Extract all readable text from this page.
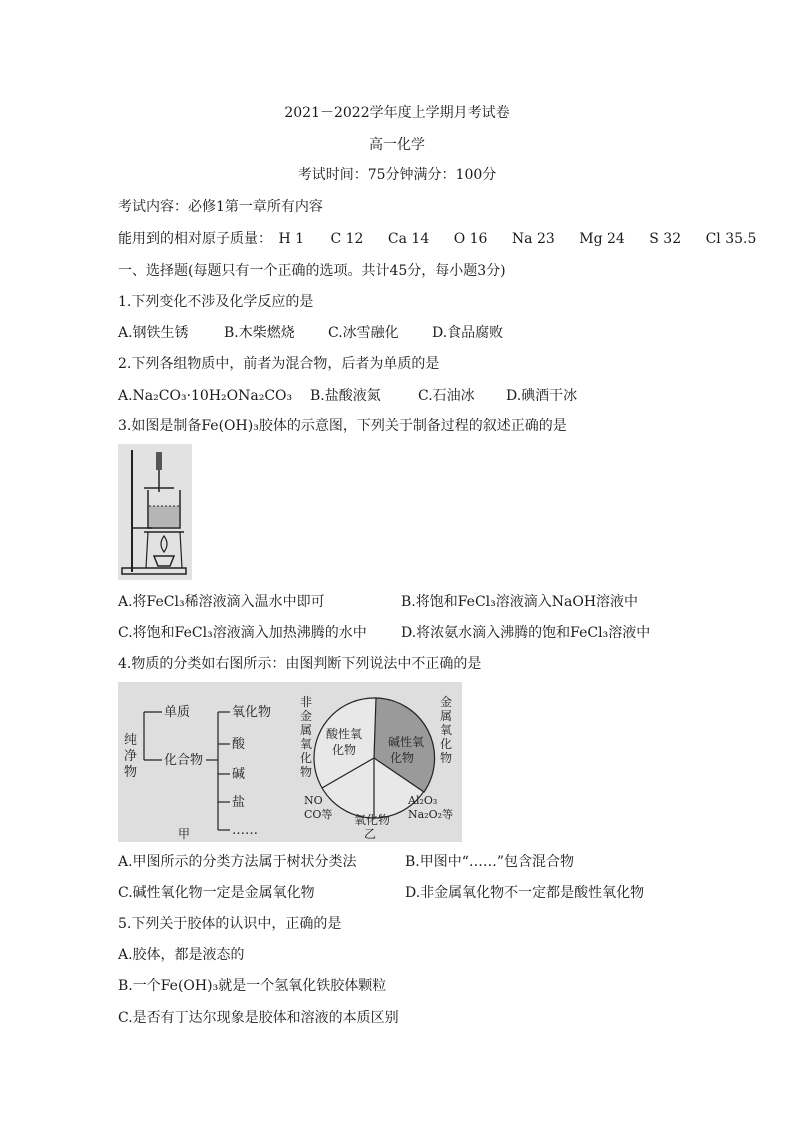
2021－2022学年度上学期月考试卷
高一化学
考试时间：75分钟满分：100分
考试内容：必修1第一章所有内容
能用到的相对原子质量： H 1 C 12 Ca 14 O 16 Na 23 Mg 24 S 32 Cl 35.5
一、选择题(每题只有一个正确的选项。共计45分，每小题3分)
1.下列变化不涉及化学反应的是
A.钢铁生锈	B.木柴燃烧 C.冰雪融化 D.食品腐败
2.下列各组物质中，前者为混合物，后者为单质的是
A.Na₂CO₃·10H₂ONa₂CO₃ B.盐酸液氮	C.石油冰 D.碘酒干冰
3.如图是制备Fe(OH)₃胶体的示意图，下列关于制备过程的叙述正确的是
A.将FeCl₃稀溶液滴入温水中即可	B.将饱和FeCl₃溶液滴入NaOH溶液中
C.将饱和FeCl₃溶液滴入加热沸腾的水中 D.将浓氨水滴入沸腾的饱和FeCl₃溶液中
4.物质的分类如右图所示：由图判断下列说法中不正确的是
纯
净
物
单质
化合物
氧化物
酸
碱
盐
……
甲
非
金
属
氧
化
物
金
属
氧
化
物
酸性氧
化物
碱性氧
化物
NO
CO等 氧化物
Al₂O₃
Na₂O₂等
乙
A.甲图所示的分类方法属于树状分类法	B.甲图中“……”包含混合物
C.碱性氧化物一定是金属氧化物	D.非金属氧化物不一定都是酸性氧化物
5.下列关于胶体的认识中，正确的是
A.胶体，都是液态的
B.一个Fe(OH)₃就是一个氢氧化铁胶体颗粒
C.是否有丁达尔现象是胶体和溶液的本质区别
